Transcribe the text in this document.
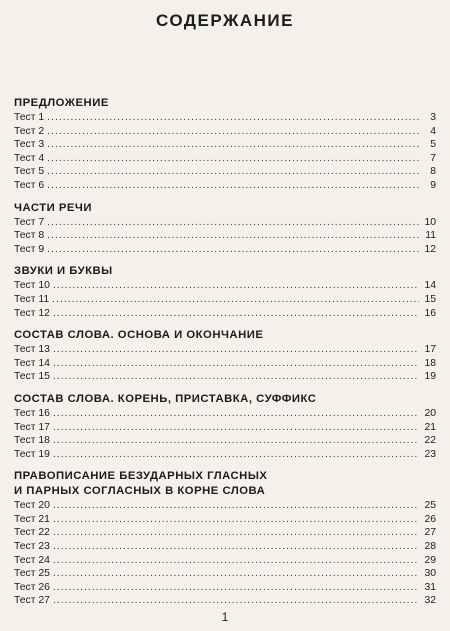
СОДЕРЖАНИЕ
ПРЕДЛОЖЕНИЕ
Тест 1 .....	3
Тест 2 .....	4
Тест 3 .....	5
Тест 4 .....	7
Тест 5 .....	8
Тест 6 .....	9
ЧАСТИ РЕЧИ
Тест 7 .....	10
Тест 8 .....	11
Тест 9 .....	12
ЗВУКИ И БУКВЫ
Тест 10 .....	14
Тест 11 .....	15
Тест 12 .....	16
СОСТАВ СЛОВА. ОСНОВА И ОКОНЧАНИЕ
Тест 13 .....	17
Тест 14 .....	18
Тест 15 .....	19
СОСТАВ СЛОВА. КОРЕНЬ, ПРИСТАВКА, СУФФИКС
Тест 16 .....	20
Тест 17 .....	21
Тест 18 .....	22
Тест 19 .....	23
ПРАВОПИСАНИЕ БЕЗУДАРНЫХ ГЛАСНЫХ
И ПАРНЫХ СОГЛАСНЫХ В КОРНЕ СЛОВА
Тест 20 .....	25
Тест 21 .....	26
Тест 22 .....	27
Тест 23 .....	28
Тест 24 .....	29
Тест 25 .....	30
Тест 26 .....	31
Тест 27 .....	32
1
